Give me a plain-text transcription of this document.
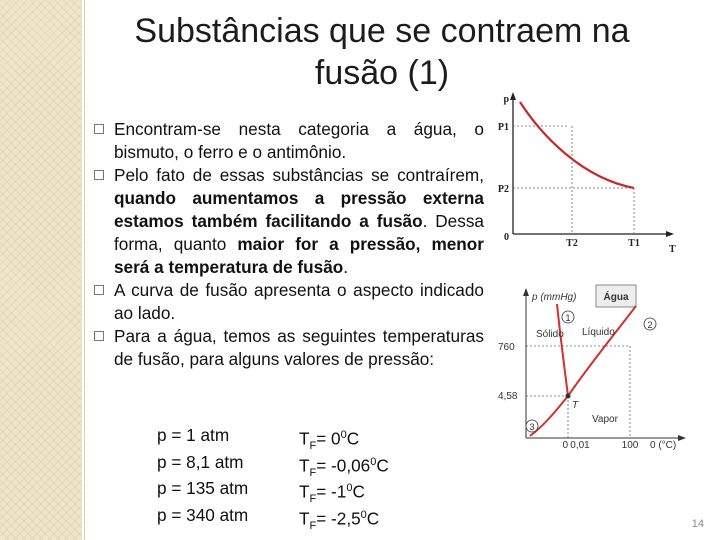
Substâncias que se contraem na fusão (1)
Encontram-se nesta categoria a água, o bismuto, o ferro e o antimônio.
Pelo fato de essas substâncias se contraírem, quando aumentamos a pressão externa estamos também facilitando a fusão. Dessa forma, quanto maior for a pressão, menor será a temperatura de fusão.
A curva de fusão apresenta o aspecto indicado ao lado.
Para a água, temos as seguintes temperaturas de fusão, para alguns valores de pressão:
p = 1 atm	$T_F= 0^0C$
p = 8,1 atm	$T_F= -0,06^0C$
p = 135 atm	$T_F= -1^0C$
p = 340 atm	$T_F= -2,5^0C$
p
T
P1
P2
0
T2	T1
p (mmHg)	Água
760
4,58
T
Sólido Líquido
Vapor
1
2
3
0 0,01	100 0 (°C)
14
